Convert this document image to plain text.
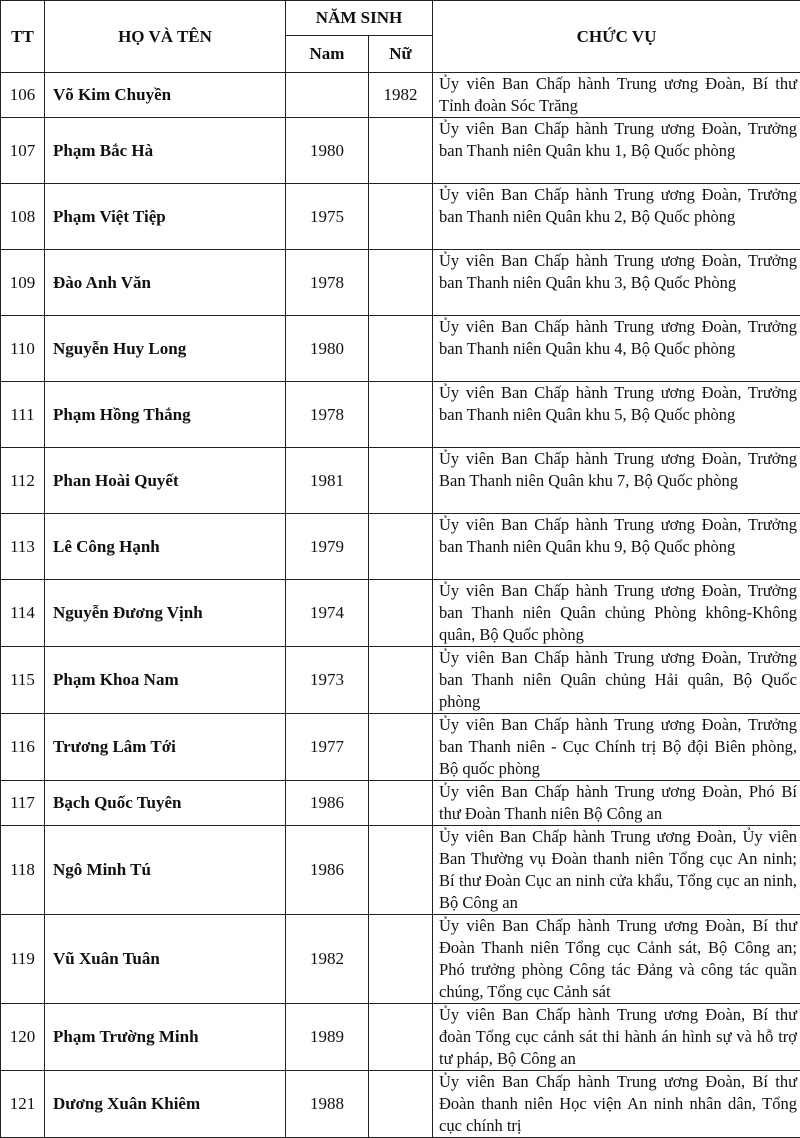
TT	HỌ VÀ TÊN	NĂM SINH		CHỨC VỤ
		Nam	Nữ	
106	Võ Kim Chuyền		1982	Ủy viên Ban Chấp hành Trung ương Đoàn, Bí thư Tỉnh đoàn Sóc Trăng
107	Phạm Bắc Hà	1980		Ủy viên Ban Chấp hành Trung ương Đoàn, Trưởng ban Thanh niên Quân khu 1, Bộ Quốc phòng
108	Phạm Việt Tiệp	1975		Ủy viên Ban Chấp hành Trung ương Đoàn, Trưởng ban Thanh niên Quân khu 2, Bộ Quốc phòng
109	Đào Anh Văn	1978		Ủy viên Ban Chấp hành Trung ương Đoàn, Trưởng ban Thanh niên Quân khu 3, Bộ Quốc Phòng
110	Nguyễn Huy Long	1980		Ủy viên Ban Chấp hành Trung ương Đoàn, Trưởng ban Thanh niên Quân khu 4, Bộ Quốc phòng
111	Phạm Hồng Thắng	1978		Ủy viên Ban Chấp hành Trung ương Đoàn, Trưởng ban Thanh niên Quân khu 5, Bộ Quốc phòng
112	Phan Hoài Quyết	1981		Ủy viên Ban Chấp hành Trung ương Đoàn, Trưởng Ban Thanh niên Quân khu 7, Bộ Quốc phòng
113	Lê Công Hạnh	1979		Ủy viên Ban Chấp hành Trung ương Đoàn, Trưởng ban Thanh niên Quân khu 9, Bộ Quốc phòng
114	Nguyễn Đương Vịnh	1974		Ủy viên Ban Chấp hành Trung ương Đoàn, Trưởng ban Thanh niên Quân chủng Phòng không-Không quân, Bộ Quốc phòng
115	Phạm Khoa Nam	1973		Ủy viên Ban Chấp hành Trung ương Đoàn, Trưởng ban Thanh niên Quân chủng Hải quân, Bộ Quốc phòng
116	Trương Lâm Tới	1977		Ủy viên Ban Chấp hành Trung ương Đoàn, Trưởng ban Thanh niên - Cục Chính trị Bộ đội Biên phòng, Bộ quốc phòng
117	Bạch Quốc Tuyên	1986		Ủy viên Ban Chấp hành Trung ương Đoàn, Phó Bí thư Đoàn Thanh niên Bộ Công an
118	Ngô Minh Tú	1986		Ủy viên Ban Chấp hành Trung ương Đoàn, Ủy viên Ban Thường vụ Đoàn thanh niên Tổng cục An ninh; Bí thư Đoàn Cục an ninh cửa khẩu, Tổng cục an ninh, Bộ Công an
119	Vũ Xuân Tuân	1982		Ủy viên Ban Chấp hành Trung ương Đoàn, Bí thư Đoàn Thanh niên Tổng cục Cảnh sát, Bộ Công an; Phó trưởng phòng Công tác Đảng và công tác quần chúng, Tổng cục Cảnh sát
120	Phạm Trường Minh	1989		Ủy viên Ban Chấp hành Trung ương Đoàn, Bí thư đoàn Tổng cục cảnh sát thi hành án hình sự và hỗ trợ tư pháp, Bộ Công an
121	Dương Xuân Khiêm	1988		Ủy viên Ban Chấp hành Trung ương Đoàn, Bí thư Đoàn thanh niên Học viện An ninh nhân dân, Tổng cục chính trị
